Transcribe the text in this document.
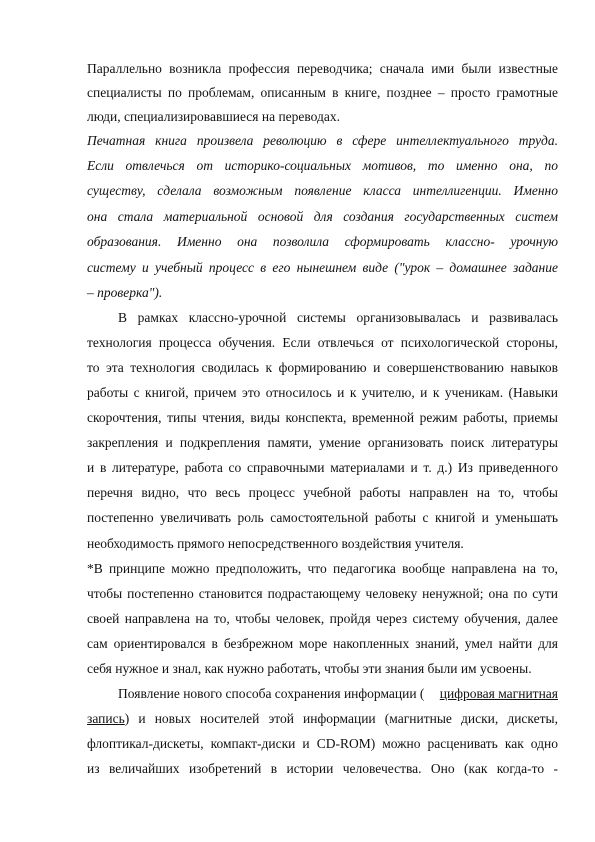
Параллельно возникла профессия переводчика; сначала ими были известные
специалисты по проблемам, описанным в книге, позднее – просто грамотные
люди, специализировавшиеся на переводах.
Печатная книга произвела революцию в сфере интеллектуального труда.
Если отвлечься от историко-социальных мотивов, то именно она, по
существу, сделала возможным появление класса интеллигенции. Именно
она стала материальной основой для создания государственных систем
образования. Именно она позволила сформировать классно- урочную
систему и учебный процесс в его нынешнем виде ("урок – домашнее задание
– проверка").
В рамках классно-урочной системы организовывалась и развивалась
технология процесса обучения. Если отвлечься от психологической стороны,
то эта технология сводилась к формированию и совершенствованию навыков
работы с книгой, причем это относилось и к учителю, и к ученикам. (Навыки
скорочтения, типы чтения, виды конспекта, временной режим работы, приемы
закрепления и подкрепления памяти, умение организовать поиск литературы
и в литературе, работа со справочными материалами и т. д.) Из приведенного
перечня видно, что весь процесс учебной работы направлен на то, чтобы
постепенно увеличивать роль самостоятельной работы с книгой и уменьшать
необходимость прямого непосредственного воздействия учителя.
*В принципе можно предположить, что педагогика вообще направлена на то,
чтобы постепенно становится подрастающему человеку ненужной; она по сути
своей направлена на то, чтобы человек, пройдя через систему обучения, далее
сам ориентировался в безбрежном море накопленных знаний, умел найти для
себя нужное и знал, как нужно работать, чтобы эти знания были им усвоены.
Появление нового способа сохранения информации ( цифровая магнитная
запись ) и новых носителей этой информации (магнитные диски, дискеты,
флоптикал-дискеты, компакт-диски и CD-ROM) можно расценивать как одно
из величайших изобретений в истории человечества. Оно (как когда-то -
